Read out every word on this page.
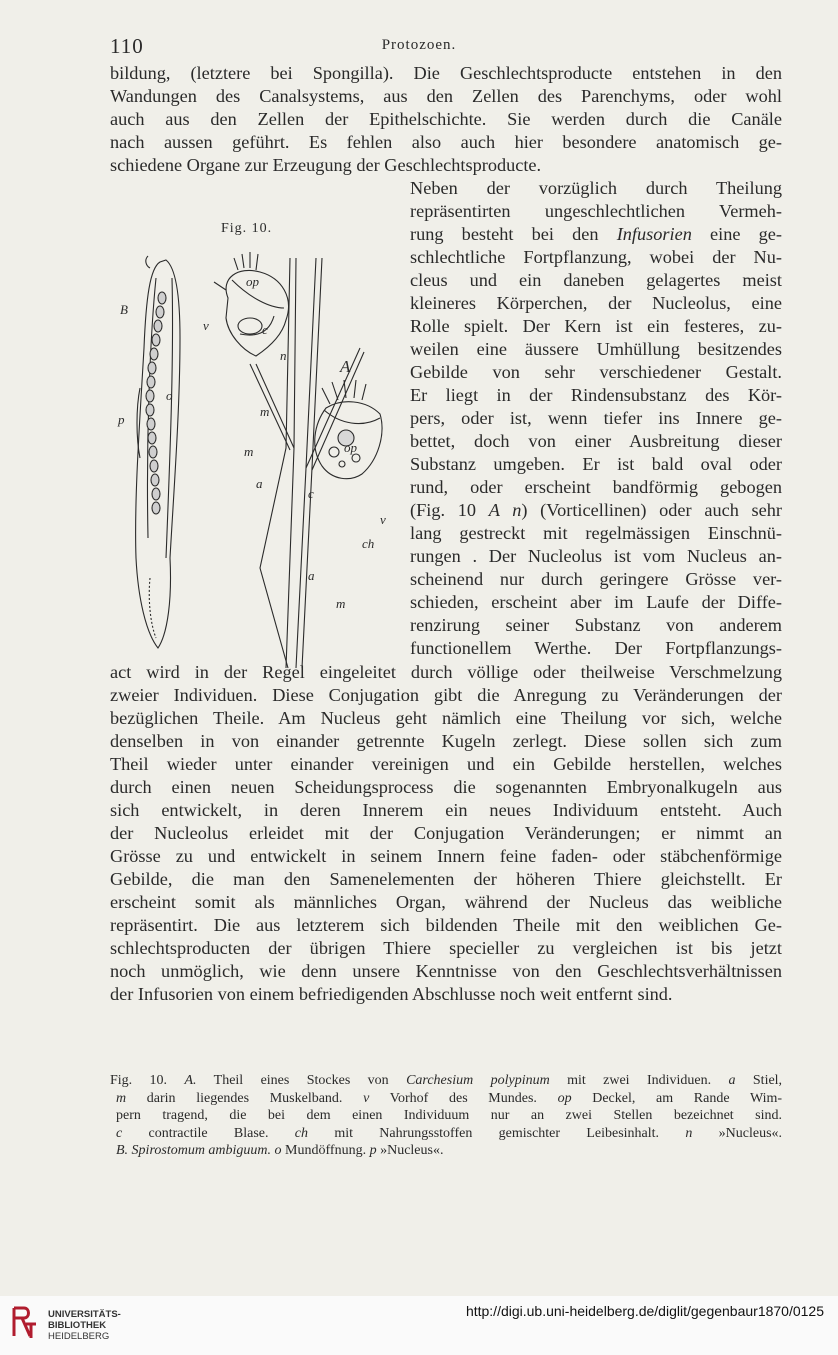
110	Protozoen.
bildung, (letztere bei Spongilla). Die Geschlechtsproducte entstehen in den
Wandungen des Canalsystems, aus den Zellen des Parenchyms, oder wohl
auch aus den Zellen der Epithelschichte. Sie werden durch die Canäle
nach aussen geführt. Es fehlen also auch hier besondere anatomisch ge-
schiedene Organe zur Erzeugung der Geschlechtsproducte.
Neben der vorzüglich durch Theilung
repräsentirten ungeschlechtlichen Vermeh-
rung besteht bei den Infusorien eine ge-
schlechtliche Fortpflanzung, wobei der Nu-
cleus und ein daneben gelagertes meist
kleineres Körperchen, der Nucleolus, eine
Rolle spielt. Der Kern ist ein festeres, zu-
weilen eine äussere Umhüllung besitzendes
Gebilde von sehr verschiedener Gestalt.
Er liegt in der Rindensubstanz des Kör-
pers, oder ist, wenn tiefer ins Innere ge-
bettet, doch von einer Ausbreitung dieser
Substanz umgeben. Er ist bald oval oder
rund, oder erscheint bandförmig gebogen
(Fig. 10 A n) (Vorticellinen) oder auch sehr
lang gestreckt mit regelmässigen Einschnü-
rungen . Der Nucleolus ist vom Nucleus an-
scheinend nur durch geringere Grösse ver-
schieden, erscheint aber im Laufe der Diffe-
renzirung seiner Substanz von anderem
functionellem Werthe. Der Fortpflanzungs-
act wird in der Regel eingeleitet durch völlige oder theilweise Verschmelzung
zweier Individuen. Diese Conjugation gibt die Anregung zu Veränderungen der
bezüglichen Theile. Am Nucleus geht nämlich eine Theilung vor sich, welche
denselben in von einander getrennte Kugeln zerlegt. Diese sollen sich zum
Theil wieder unter einander vereinigen und ein Gebilde herstellen, welches
durch einen neuen Scheidungsprocess die sogenannten Embryonalkugeln aus
sich entwickelt, in deren Innerem ein neues Individuum entsteht. Auch
der Nucleolus erleidet mit der Conjugation Veränderungen; er nimmt an
Grösse zu und entwickelt in seinem Innern feine faden- oder stäbchenförmige
Gebilde, die man den Samenelementen der höheren Thiere gleichstellt. Er
erscheint somit als männliches Organ, während der Nucleus das weibliche
repräsentirt. Die aus letzterem sich bildenden Theile mit den weiblichen Ge-
schlechtsproducten der übrigen Thiere specieller zu vergleichen ist bis jetzt
noch unmöglich, wie denn unsere Kenntnisse von den Geschlechtsverhältnissen
der Infusorien von einem befriedigenden Abschlusse noch weit entfernt sind.
Fig. 10.
B
A
op
op
v
v
c
c
n
m
m
m
a
a
o
p
ch
Fig. 10. A. Theil eines Stockes von Carchesium polypinum mit zwei Individuen. a Stiel,
m darin liegendes Muskelband. v Vorhof des Mundes. op Deckel, am Rande Wim-
pern tragend, die bei dem einen Individuum nur an zwei Stellen bezeichnet sind.
c contractile Blase. ch mit Nahrungsstoffen gemischter Leibesinhalt. n »Nucleus«.
B. Spirostomum ambiguum. o Mundöffnung. p »Nucleus«.
UNIVERSITÄTS-
BIBLIOTHEK
HEIDELBERG
http://digi.ub.uni-heidelberg.de/diglit/gegenbaur1870/0125
